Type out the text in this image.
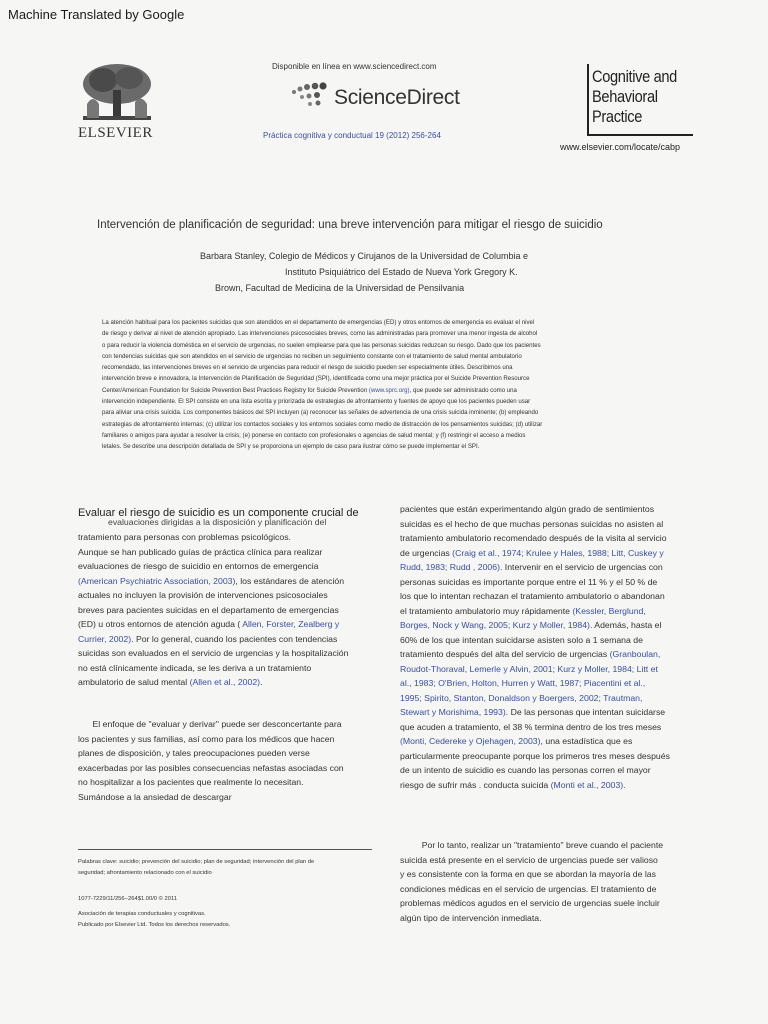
Machine Translated by Google
ELSEVIER
Disponible en línea en www.sciencedirect.com
ScienceDirect
Práctica cognitiva y conductual 19 (2012) 256-264
Cognitive and
Behavioral
Practice
www.elsevier.com/locate/cabp
Intervención de planificación de seguridad: una breve intervención para mitigar el riesgo de suicidio
Barbara Stanley, Colegio de Médicos y Cirujanos de la Universidad de Columbia e
Instituto Psiquiátrico del Estado de Nueva York Gregory K.
Brown, Facultad de Medicina de la Universidad de Pensilvania
La atención habitual para los pacientes suicidas que son atendidos en el departamento de emergencias (ED) y otros entornos de emergencia es evaluar el nivel
de riesgo y derivar al nivel de atención apropiado. Las intervenciones psicosociales breves, como las administradas para promover una menor ingesta de alcohol
o para reducir la violencia doméstica en el servicio de urgencias, no suelen emplearse para que las personas suicidas reduzcan su riesgo. Dado que los pacientes
con tendencias suicidas que son atendidos en el servicio de urgencias no reciben un seguimiento constante con el tratamiento de salud mental ambulatorio
recomendado, las intervenciones breves en el servicio de urgencias para reducir el riesgo de suicidio pueden ser especialmente útiles. Describimos una
intervención breve e innovadora, la Intervención de Planificación de Seguridad (SPI), identificada como una mejor práctica por el Suicide Prevention Resource
Center/American Foundation for Suicide Prevention Best Practices Registry for Suicide Prevention (www.sprc.org), que puede ser administrado como una
intervención independiente. El SPI consiste en una lista escrita y priorizada de estrategias de afrontamiento y fuentes de apoyo que los pacientes pueden usar
para aliviar una crisis suicida. Los componentes básicos del SPI incluyen (a) reconocer las señales de advertencia de una crisis suicida inminente; (b) empleando
estrategias de afrontamiento internas; (c) utilizar los contactos sociales y los entornos sociales como medio de distracción de los pensamientos suicidas; (d) utilizar
familiares o amigos para ayudar a resolver la crisis; (e) ponerse en contacto con profesionales o agencias de salud mental; y (f) restringir el acceso a medios
letales. Se describe una descripción detallada de SPI y se proporciona un ejemplo de caso para ilustrar cómo se puede implementar el SPI.
evaluaciones dirigidas a la disposición y planificación del
Evaluar el riesgo de suicidio es un componente crucial de
tratamiento para personas con problemas psicológicos.
Aunque se han publicado guías de práctica clínica para realizar
evaluaciones de riesgo de suicidio en entornos de emergencia
(American Psychiatric Association, 2003), los estándares de atención
actuales no incluyen la provisión de intervenciones psicosociales
breves para pacientes suicidas en el departamento de emergencias
(ED) u otros entornos de atención aguda ( Allen, Forster, Zealberg y
Currier, 2002). Por lo general, cuando los pacientes con tendencias
suicidas son evaluados en el servicio de urgencias y la hospitalización
no está clínicamente indicada, se les deriva a un tratamiento
ambulatorio de salud mental (Allen et al., 2002).
El enfoque de "evaluar y derivar" puede ser desconcertante para
los pacientes y sus familias, así como para los médicos que hacen
planes de disposición, y tales preocupaciones pueden verse
exacerbadas por las posibles consecuencias nefastas asociadas con
no hospitalizar a los pacientes que realmente lo necesitan.
Sumándose a la ansiedad de descargar
pacientes que están experimentando algún grado de sentimientos
suicidas es el hecho de que muchas personas suicidas no asisten al
tratamiento ambulatorio recomendado después de la visita al servicio
de urgencias (Craig et al., 1974; Krulee y Hales, 1988; Litt, Cuskey y
Rudd, 1983; Rudd , 2006). Intervenir en el servicio de urgencias con
personas suicidas es importante porque entre el 11 % y el 50 % de
los que lo intentan rechazan el tratamiento ambulatorio o abandonan
el tratamiento ambulatorio muy rápidamente (Kessler, Berglund,
Borges, Nock y Wang, 2005; Kurz y Moller, 1984). Además, hasta el
60% de los que intentan suicidarse asisten solo a 1 semana de
tratamiento después del alta del servicio de urgencias (Granboulan,
Roudot-Thoraval, Lemerle y Alvin, 2001; Kurz y Moller, 1984; Litt et
al., 1983; O'Brien, Holton, Hurren y Watt, 1987; Piacentini et al.,
1995; Spirito, Stanton, Donaldson y Boergers, 2002; Trautman,
Stewart y Morishima, 1993). De las personas que intentan suicidarse
que acuden a tratamiento, el 38 % termina dentro de los tres meses
(Monti, Cedereke y Ojehagen, 2003), una estadística que es
particularmente preocupante porque los primeros tres meses después
de un intento de suicidio es cuando las personas corren el mayor
riesgo de sufrir más . conducta suicida (Monti et al., 2003).
Por lo tanto, realizar un "tratamiento" breve cuando el paciente
suicida está presente en el servicio de urgencias puede ser valioso
y es consistente con la forma en que se abordan la mayoría de las
condiciones médicas en el servicio de urgencias. El tratamiento de
problemas médicos agudos en el servicio de urgencias suele incluir
algún tipo de intervención inmediata.
Palabras clave: suicidio; prevención del suicidio; plan de seguridad; intervención del plan de
seguridad; afrontamiento relacionado con el suicidio
1077-7229/11/256−264$1.00/0 © 2011
Asociación de terapias conductuales y cognitivas.
Publicado por Elsevier Ltd. Todos los derechos reservados.
